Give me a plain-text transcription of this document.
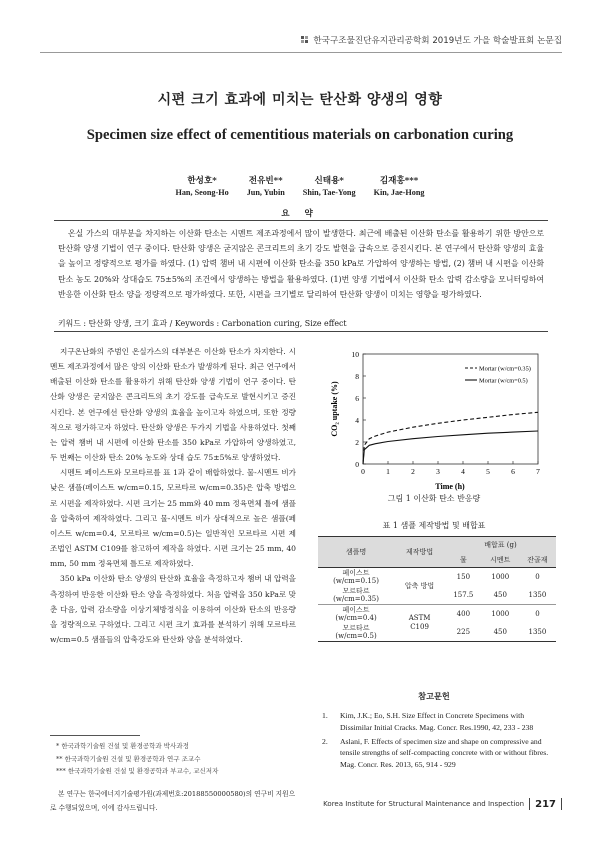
한국구조물진단유지관리공학회 2019년도 가을 학술발표회 논문집
시편 크기 효과에 미치는 탄산화 양생의 영향
Specimen size effect of cementitious materials on carbonation curing
한성호*
Han, Seong-Ho
전유빈**
Jun, Yubin
신태용*
Shin, Tae-Yong
김재홍***
Kin, Jae-Hong
요 약

온실 가스의 대부분을 차지하는 이산화 탄소는 시멘트 제조과정에서 많이 발생한다. 최근에 배출된 이산화 탄소를 활용하기 위한 방안으로 탄산화 양생 기법이 연구 중이다. 탄산화 양생은 굳지않은 콘크리트의 초기 강도 발현을 급속으로 증진시킨다. 본 연구에서 탄산화 양생의 효율을 높이고 정량적으로 평가를 하였다. (1) 압력 챔버 내 시편에 이산화 탄소를 350 kPa로 가압하여 양생하는 방법, (2) 챔버 내 시편을 이산화 탄소 농도 20%와 상대습도 75±5%의 조건에서 양생하는 방법을 활용하였다. (1)번 양생 기법에서 이산화 탄소 압력 감소량을 모니터링하여 반응한 이산화 탄소 양을 정량적으로 평가하였다. 또한, 시편을 크기별로 달리하여 탄산화 양생이 미치는 영향을 평가하였다.

키워드 : 탄산화 양생, 크기 효과 / Keywords : Carbonation curing, Size effect

지구온난화의 주범인 온실가스의 대부분은 이산화 탄소가 차지한다. 시멘트 제조과정에서 많은 양의 이산화 탄소가 발생하게 된다. 최근 연구에서 배출된 이산화 탄소를 활용하기 위해 탄산화 양생 기법이 연구 중이다. 탄산화 양생은 굳지않은 콘크리트의 초기 강도를 급속도로 발현시키고 증진시킨다. 본 연구에선 탄산화 양생의 효율을 높이고자 하였으며, 또한 정량적으로 평가하고자 하였다. 탄산화 양생은 두가지 기법을 사용하였다. 첫째는 압력 챔버 내 시편에 이산화 탄소를 350 kPa로 가압하여 양생하였고, 두 번째는 이산화 탄소 20% 농도와 상대 습도 75±5%로 양생하였다.

시멘트 페이스트와 모르타르를 표 1과 같이 배합하였다. 물-시멘트 비가 낮은 샘플(페이스트 w/cm=0.15, 모르타르 w/cm=0.35)은 압축 방법으로 시편을 제작하였다. 시편 크기는 25 mm와 40 mm 정육면체 틀에 샘플을 압축하여 제작하였다. 그리고 물-시멘트 비가 상대적으로 높은 샘플(페이스트 w/cm=0.4, 모르타르 w/cm=0.5)는 일반적인 모르타르 시편 제조법인 ASTM C109를 참고하여 제작을 하였다. 시편 크기는 25 mm, 40 mm, 50 mm 정육면체 틀드로 제작하였다.

350 kPa 이산화 탄소 양생의 탄산화 효율을 측정하고자 챔버 내 압력을 측정하여 반응한 이산화 탄소 양을 측정하였다. 처음 압력을 350 kPa로 맞춘 다음, 압력 감소량을 이상기체방정식을 이용하여 이산화 탄소의 반응량을 정량적으로 구하였다. 그리고 시편 크기 효과를 분석하기 위해 모르타르 w/cm=0.5 샘플들의 압축강도와 탄산화 양을 분석하였다.

* 한국과학기술원 건설 및 환경공학과 박사과정
** 한국과학기술원 건설 및 환경공학과 연구 조교수
*** 한국과학기술원 건설 및 환경공학과 부교수, 교신저자
본 연구는 한국에너지기술평가원(과제번호:20188550000580)의 연구비 지원으로 수행되었으며, 이에 감사드립니다.
0
2
4
6
8
10
0	1	2	3	4	5	6	7
CO₂ uptake (%)
Time (h)
Mortar (w/cm=0.35)
Mortar (w/cm=0.5)
그림 1 이산화 탄소 반응량
표 1 샘플 제작방법 및 배합표
샘플명	제작방법	배합표 (g)		
		물	시멘트	잔골재
페이스트
(w/cm=0.15)	압축 방법	150	1000	0
모르타르
(w/cm=0.35)		157.5	450	1350
페이스트
(w/cm=0.4)	ASTM
C109	400	1000	0
모르타르
(w/cm=0.5)		225	450	1350
참고문헌
1.	Kim, J.K.; Eo, S.H. Size Effect in Concrete Specimens with Dissimilar Initial Cracks. Mag. Concr. Res.1990, 42, 233 - 238
2.	Aslani, F. Effects of specimen size and shape on compressive and tensile strengths of self-compacting concrete with or without fibres. Mag. Concr. Res. 2013, 65, 914 - 929
Korea Institute for Structural Maintenance and Inspection 217
